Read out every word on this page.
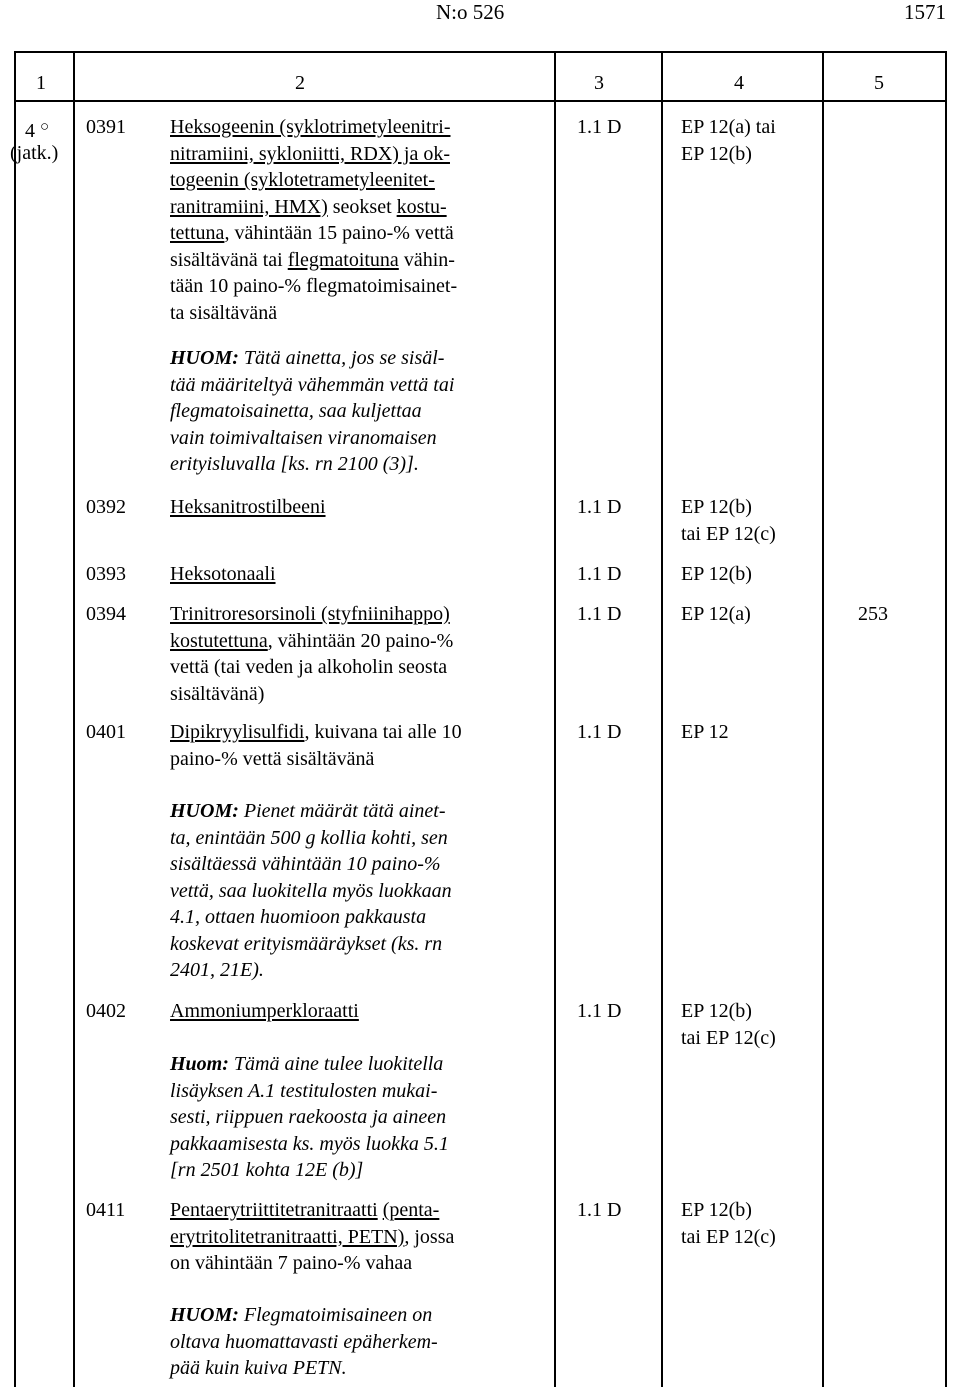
N:o 526	1571
1	2	3	4	5
4 ○
(jatk.)
0391 Heksogeenin (syklotrimetyleenitri-
nitramiini, sykloniitti, RDX) ja ok-
togeenin (syklotetrametyleenitet-
ranitramiini, HMX) seokset kostu-
tettuna, vähintään 15 paino-% vettä
sisältävänä tai flegmatoituna vähin-
tään 10 paino-% flegmatoimisainet-
ta sisältävänä
1.1 D	EP 12(a) tai
EP 12(b)
HUOM: Tätä ainetta, jos se sisäl-
tää määriteltyä vähemmän vettä tai
flegmatoisainetta, saa kuljettaa
vain toimivaltaisen viranomaisen
erityisluvalla [ks. rn 2100 (3)].
0392 Heksanitrostilbeeni	1.1 D	EP 12(b)
tai EP 12(c)
0393 Heksotonaali	1.1 D	EP 12(b)
0394 Trinitroresorsinoli (styfniinihappo)
kostutettuna, vähintään 20 paino-%
vettä (tai veden ja alkoholin seosta
sisältävänä)
1.1 D	EP 12(a)	253
0401 Dipikryylisulfidi, kuivana tai alle 10
paino-% vettä sisältävänä
1.1 D	EP 12
HUOM: Pienet määrät tätä ainet-
ta, enintään 500 g kollia kohti, sen
sisältäessä vähintään 10 paino-%
vettä, saa luokitella myös luokkaan
4.1, ottaen huomioon pakkausta
koskevat erityismääräykset (ks. rn
2401, 21E).
0402 Ammoniumperkloraatti	1.1 D	EP 12(b)
tai EP 12(c)
Huom: Tämä aine tulee luokitella
lisäyksen A.1 testitulosten mukai-
sesti, riippuen raekoosta ja aineen
pakkaamisesta ks. myös luokka 5.1
[rn 2501 kohta 12E (b)]
0411 Pentaerytriittitetranitraatti (penta-
erytritolitetranitraatti, PETN), jossa
on vähintään 7 paino-% vahaa
1.1 D	EP 12(b)
tai EP 12(c)
HUOM: Flegmatoimisaineen on
oltava huomattavasti epäherkem-
pää kuin kuiva PETN.
